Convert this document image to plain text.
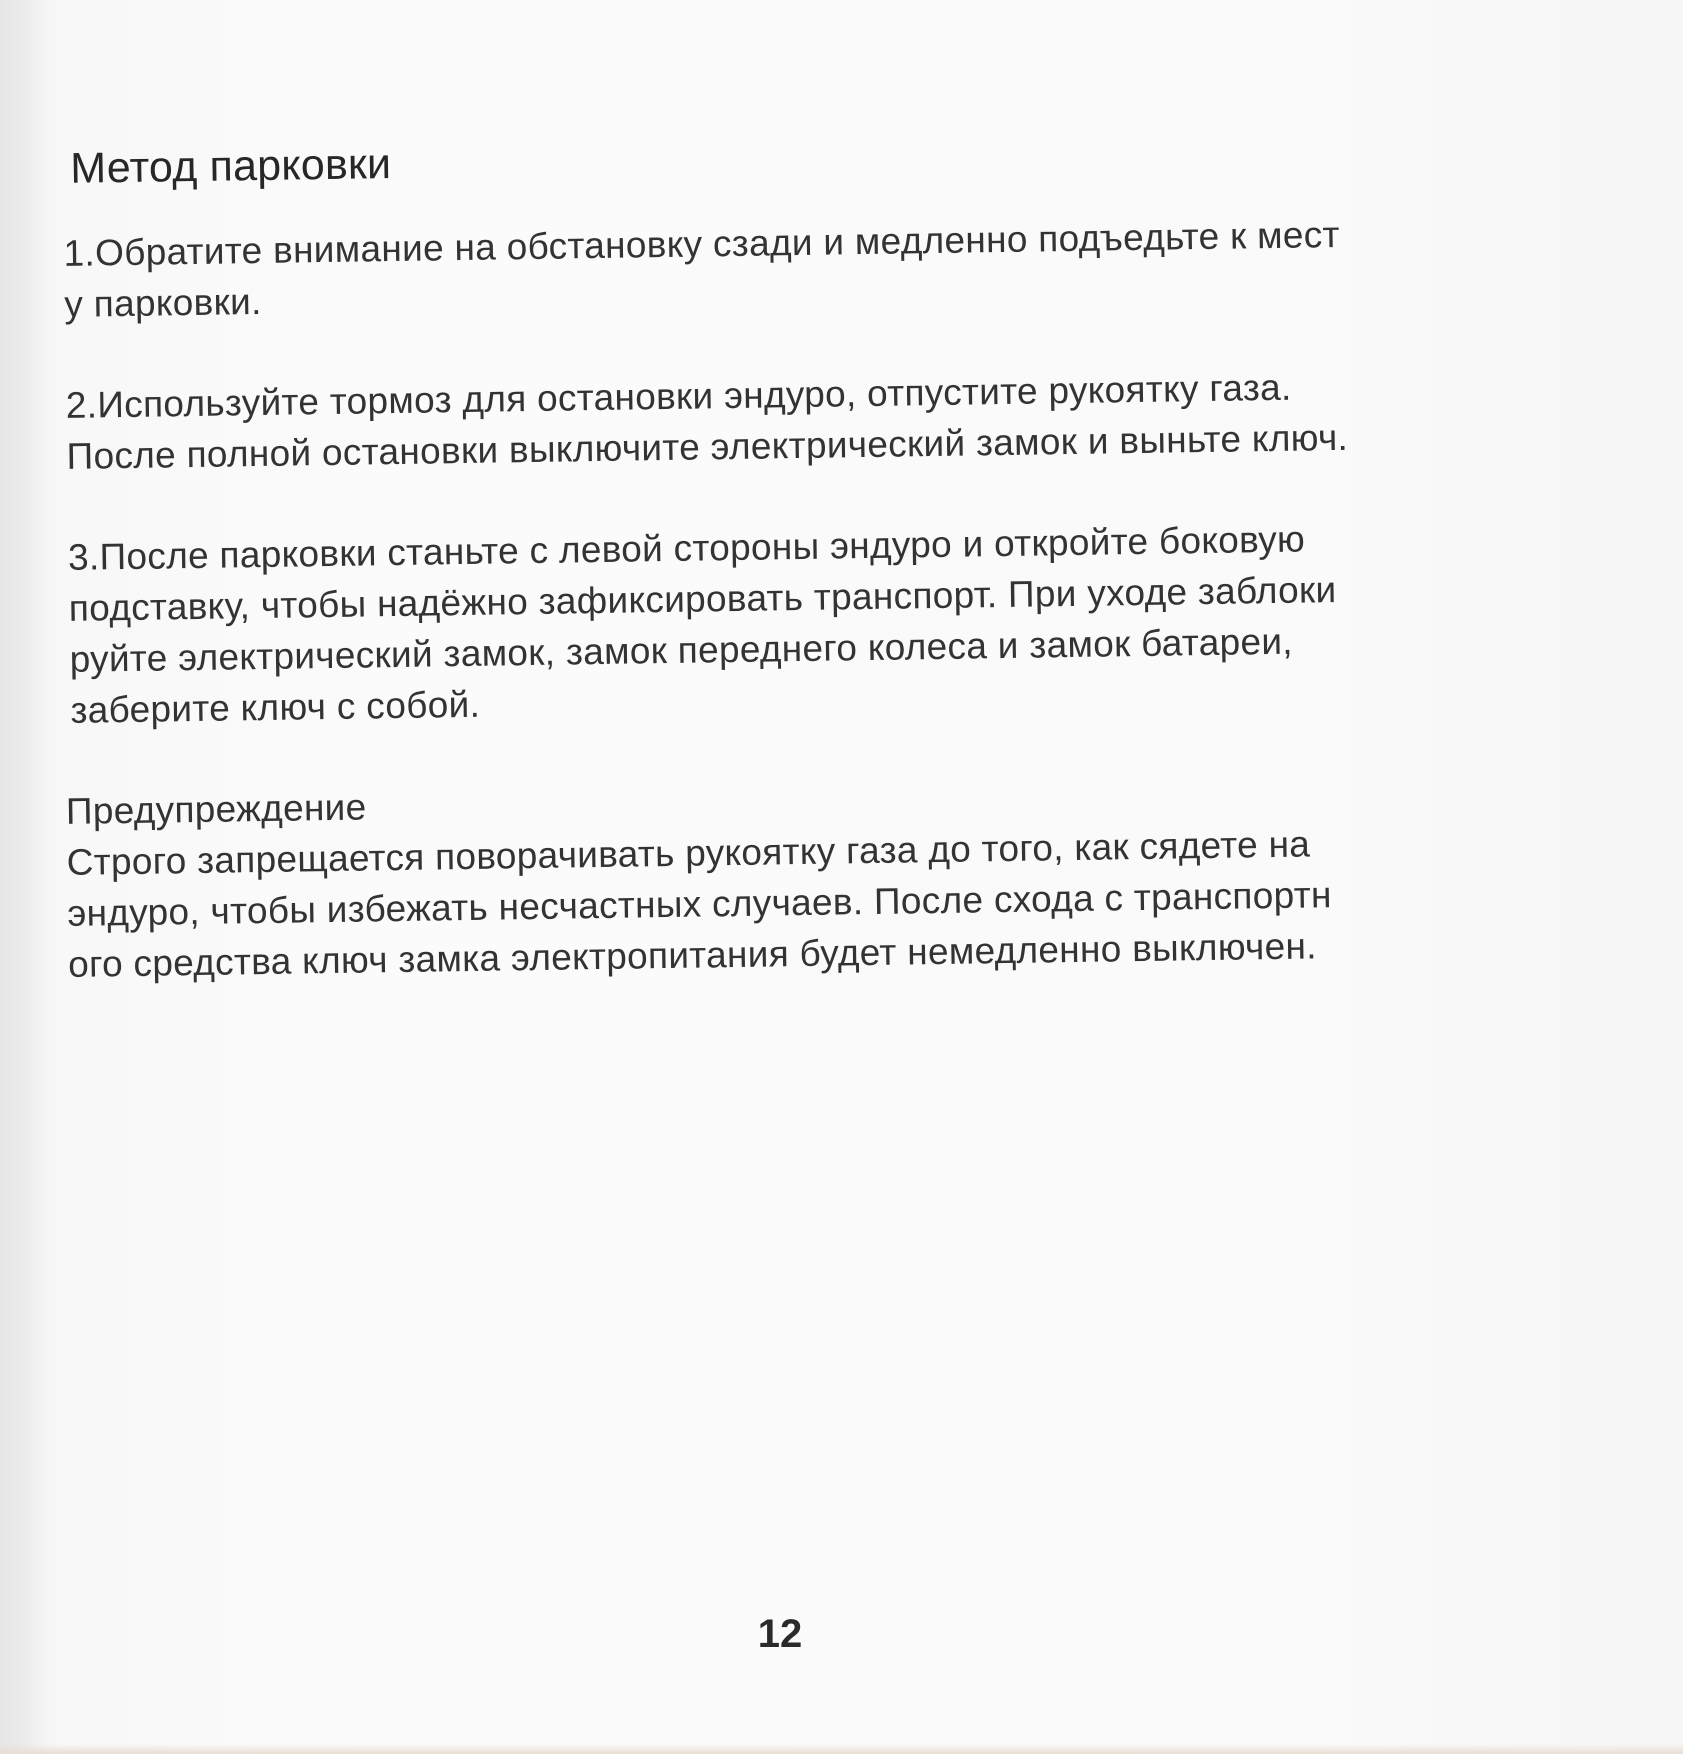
Метод парковки
1.Обратите внимание на обстановку сзади и медленно подъедьте к мест
у парковки.
2.Используйте тормоз для остановки эндуро, отпустите рукоятку газа.
После полной остановки выключите электрический замок и выньте ключ.
3.После парковки станьте с левой стороны эндуро и откройте боковую
подставку, чтобы надёжно зафиксировать транспорт. При уходе заблоки
руйте электрический замок, замок переднего колеса и замок батареи,
заберите ключ с собой.
Предупреждение
Строго запрещается поворачивать рукоятку газа до того, как сядете на
эндуро, чтобы избежать несчастных случаев. После схода с транспортн
ого средства ключ замка электропитания будет немедленно выключен.
12
